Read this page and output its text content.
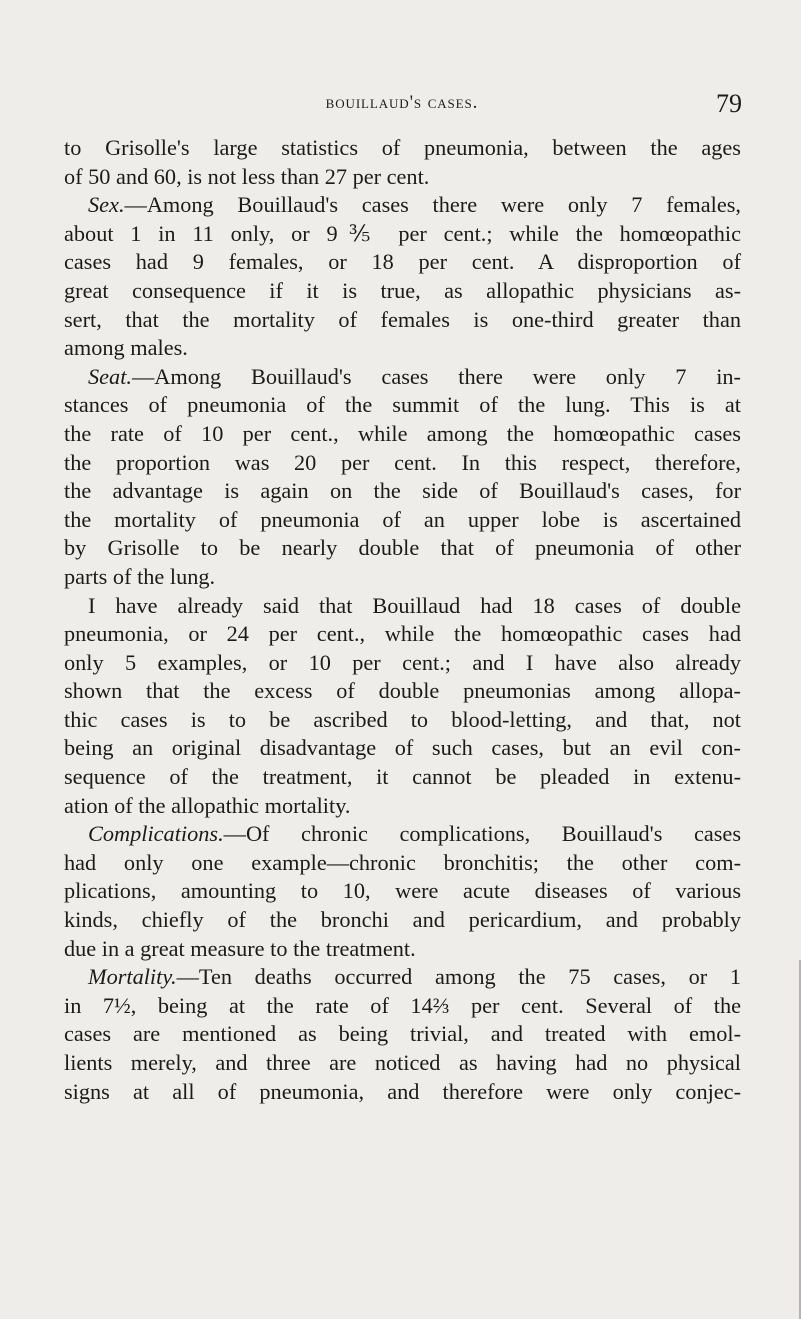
bouillaud's cases.	79
to Grisolle's large statistics of pneumonia, between the ages
of 50 and 60, is not less than 27 per cent.
Sex.—Among Bouillaud's cases there were only 7 females,
about 1 in 11 only, or 9⅗ per cent.; while the homœopathic
cases had 9 females, or 18 per cent. A disproportion of
great consequence if it is true, as allopathic physicians as-
sert, that the mortality of females is one-third greater than
among males.
Seat.—Among Bouillaud's cases there were only 7 in-
stances of pneumonia of the summit of the lung. This is at
the rate of 10 per cent., while among the homœopathic cases
the proportion was 20 per cent. In this respect, therefore,
the advantage is again on the side of Bouillaud's cases, for
the mortality of pneumonia of an upper lobe is ascertained
by Grisolle to be nearly double that of pneumonia of other
parts of the lung.
I have already said that Bouillaud had 18 cases of double
pneumonia, or 24 per cent., while the homœopathic cases had
only 5 examples, or 10 per cent.; and I have also already
shown that the excess of double pneumonias among allopa-
thic cases is to be ascribed to blood-letting, and that, not
being an original disadvantage of such cases, but an evil con-
sequence of the treatment, it cannot be pleaded in extenu-
ation of the allopathic mortality.
Complications.—Of chronic complications, Bouillaud's cases
had only one example—chronic bronchitis; the other com-
plications, amounting to 10, were acute diseases of various
kinds, chiefly of the bronchi and pericardium, and probably
due in a great measure to the treatment.
Mortality.—Ten deaths occurred among the 75 cases, or 1
in 7½, being at the rate of 14⅔ per cent. Several of the
cases are mentioned as being trivial, and treated with emol-
lients merely, and three are noticed as having had no physical
signs at all of pneumonia, and therefore were only conjec-
